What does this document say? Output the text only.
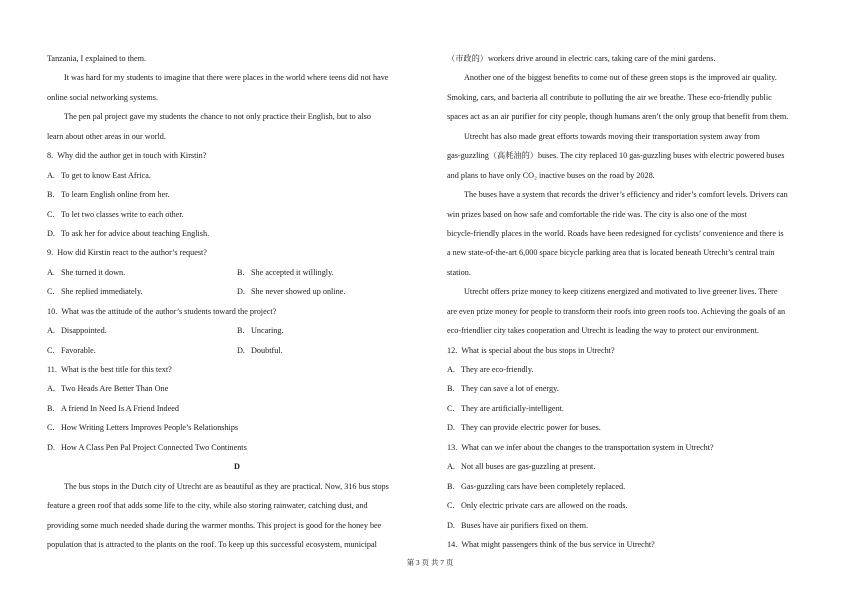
Tanzania, I explained to them.
It was hard for my students to imagine that there were places in the world where teens did not have
online social networking systems.
The pen pal project gave my students the chance to not only practice their English, but to also
learn about other areas in our world.
8.  Why did the author get in touch with Kirstin?
A. To get to know East Africa.
B. To learn English online from her.
C. To let two classes write to each other.
D. To ask her for advice about teaching English.
9.  How did Kirstin react to the author’s request?
A. She turned it down.	B. She accepted it willingly.
C. She replied immediately.	D. She never showed up online.
10.  What was the attitude of the author’s students toward the project?
A. Disappointed.	B. Uncaring.
C. Favorable.	D. Doubtful.
11.  What is the best title for this text?
A. Two Heads Are Better Than One
B. A friend In Need Is A Friend Indeed
C. How Writing Letters Improves People’s Relationships
D. How A Class Pen Pal Project Connected Two Continents
D
The bus stops in the Dutch city of Utrecht are as beautiful as they are practical. Now, 316 bus stops
feature a green roof that adds some life to the city, while also storing rainwater, catching dust, and
providing some much needed shade during the warmer months. This project is good for the honey bee
population that is attracted to the plants on the roof. To keep up this successful ecosystem, municipal
（市政的）workers drive around in electric cars, taking care of the mini gardens.
Another one of the biggest benefits to come out of these green stops is the improved air quality.
Smoking, cars, and bacteria all contribute to polluting the air we breathe. These eco-friendly public
spaces act as an air purifier for city people, though humans aren’t the only group that benefit from them.
Utrecht has also made great efforts towards moving their transportation system away from
gas-guzzling（高耗油的）buses. The city replaced 10 gas-guzzling buses with electric powered buses
and plans to have only CO₂ inactive buses on the road by 2028.
The buses have a system that records the driver’s efficiency and rider’s comfort levels. Drivers can
win prizes based on how safe and comfortable the ride was. The city is also one of the most
bicycle-friendly places in the world. Roads have been redesigned for cyclists’ convenience and there is
a new state-of-the-art 6,000 space bicycle parking area that is located beneath Utrecht’s central train
station.
Utrecht offers prize money to keep citizens energized and motivated to live greener lives. There
are even prize money for people to transform their roofs into green roofs too. Achieving the goals of an
eco-friendlier city takes cooperation and Utrecht is leading the way to protect our environment.
12.  What is special about the bus stops in Utrecht?
A. They are eco-friendly.
B. They can save a lot of energy.
C. They are artificially-intelligent.
D. They can provide electric power for buses.
13.  What can we infer about the changes to the transportation system in Utrecht?
A. Not all buses are gas-guzzling at present.
B. Gas-guzzling cars have been completely replaced.
C. Only electric private cars are allowed on the roads.
D. Buses have air purifiers fixed on them.
14.  What might passengers think of the bus service in Utrecht?
第 3 页 共 7 页
